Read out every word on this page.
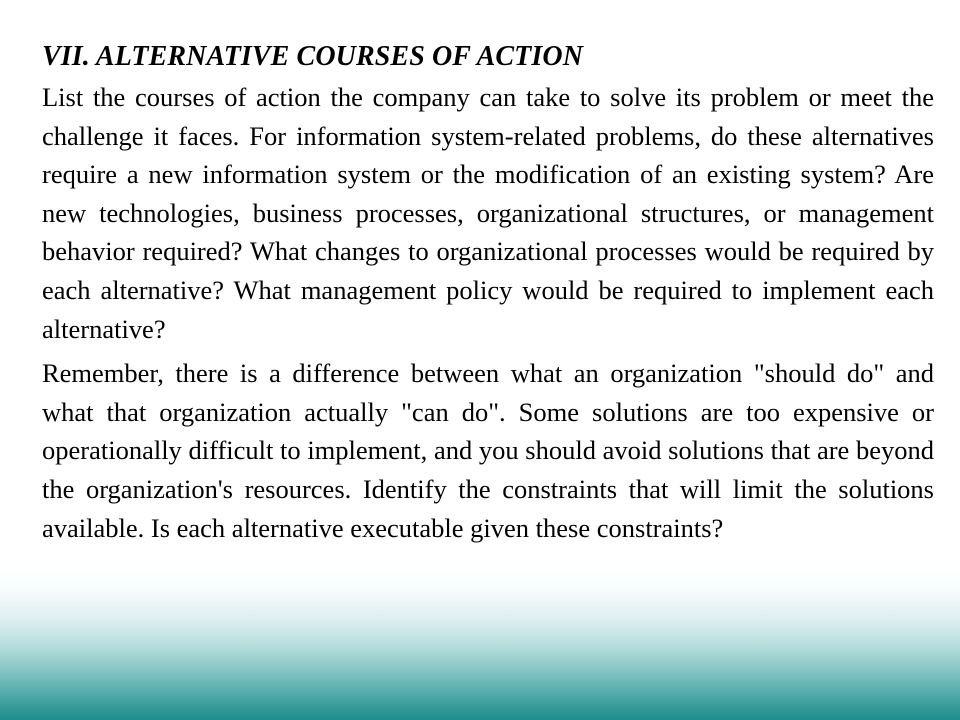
VII. ALTERNATIVE COURSES OF ACTION

List the courses of action the company can take to solve its problem or meet the challenge it faces. For information system-related problems, do these alternatives require a new information system or the modification of an existing system? Are new technologies, business processes, organizational structures, or management behavior required? What changes to organizational processes would be required by each alternative? What management policy would be required to implement each alternative?

Remember, there is a difference between what an organization "should do" and what that organization actually "can do". Some solutions are too expensive or operationally difficult to implement, and you should avoid solutions that are beyond the organization's resources. Identify the constraints that will limit the solutions available. Is each alternative executable given these constraints?
